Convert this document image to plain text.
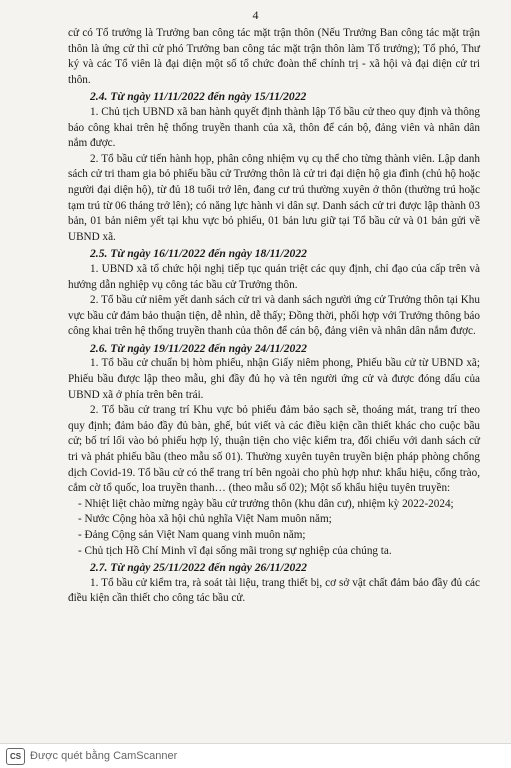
4

cử có Tổ trưởng là Trưởng ban công tác mặt trận thôn (Nếu Trưởng Ban công tác mặt trận thôn là ứng cử thì cử phó Trưởng ban công tác mặt trận thôn làm Tổ trưởng); Tổ phó, Thư ký và các Tổ viên là đại diện một số tổ chức đoàn thể chính trị - xã hội và đại diện cử tri thôn.

2.4. Từ ngày 11/11/2022 đến ngày 15/11/2022

1. Chủ tịch UBND xã ban hành quyết định thành lập Tổ bầu cử theo quy định và thông báo công khai trên hệ thống truyền thanh của xã, thôn để cán bộ, đảng viên và nhân dân nắm được.

2. Tổ bầu cử tiến hành họp, phân công nhiệm vụ cụ thể cho từng thành viên. Lập danh sách cử tri tham gia bỏ phiếu bầu cử Trưởng thôn là cử tri đại diện hộ gia đình (chủ hộ hoặc người đại diện hộ), từ đủ 18 tuổi trở lên, đang cư trú thường xuyên ở thôn (thường trú hoặc tạm trú từ 06 tháng trở lên); có năng lực hành vi dân sự. Danh sách cử tri được lập thành 03 bản, 01 bản niêm yết tại khu vực bỏ phiếu, 01 bản lưu giữ tại Tổ bầu cử và 01 bản gửi về UBND xã.

2.5. Từ ngày 16/11/2022 đến ngày 18/11/2022

1. UBND xã tổ chức hội nghị tiếp tục quán triệt các quy định, chỉ đạo của cấp trên và hướng dẫn nghiệp vụ công tác bầu cử Trưởng thôn.

2. Tổ bầu cử niêm yết danh sách cử tri và danh sách người ứng cử Trưởng thôn tại Khu vực bầu cử đảm bảo thuận tiện, dễ nhìn, dễ thấy; Đồng thời, phối hợp với Trưởng thông báo công khai trên hệ thống truyền thanh của thôn để cán bộ, đảng viên và nhân dân nắm được.

2.6. Từ ngày 19/11/2022 đến ngày 24/11/2022

1. Tổ bầu cử chuẩn bị hòm phiếu, nhận Giấy niêm phong, Phiếu bầu cử từ UBND xã; Phiếu bầu được lập theo mẫu, ghi đầy đủ họ và tên người ứng cử và được đóng dấu của UBND xã ở phía trên bên trái.

2. Tổ bầu cử trang trí Khu vực bỏ phiếu đảm bảo sạch sẽ, thoáng mát, trang trí theo quy định; đảm bảo đầy đủ bàn, ghế, bút viết và các điều kiện cần thiết khác cho cuộc bầu cử; bố trí lối vào bỏ phiếu hợp lý, thuận tiện cho việc kiểm tra, đối chiếu với danh sách cử tri và phát phiếu bầu (theo mẫu số 01). Thường xuyên tuyên truyền biện pháp phòng chống dịch Covid-19. Tổ bầu cử có thể trang trí bên ngoài cho phù hợp như: khẩu hiệu, cổng trào, cắm cờ tổ quốc, loa truyền thanh… (theo mẫu số 02); Một số khẩu hiệu tuyên truyền:

- Nhiệt liệt chào mừng ngày bầu cử trưởng thôn (khu dân cư), nhiệm kỳ 2022-2024;

- Nước Cộng hòa xã hội chủ nghĩa Việt Nam muôn năm;

- Đảng Cộng sản Việt Nam quang vinh muôn năm;

- Chủ tịch Hồ Chí Minh vĩ đại sống mãi trong sự nghiệp của chúng ta.

2.7. Từ ngày 25/11/2022 đến ngày 26/11/2022

1. Tổ bầu cử kiểm tra, rà soát tài liệu, trang thiết bị, cơ sở vật chất đảm bảo đầy đủ các điều kiện cần thiết cho công tác bầu cử.

CS Được quét bằng CamScanner
